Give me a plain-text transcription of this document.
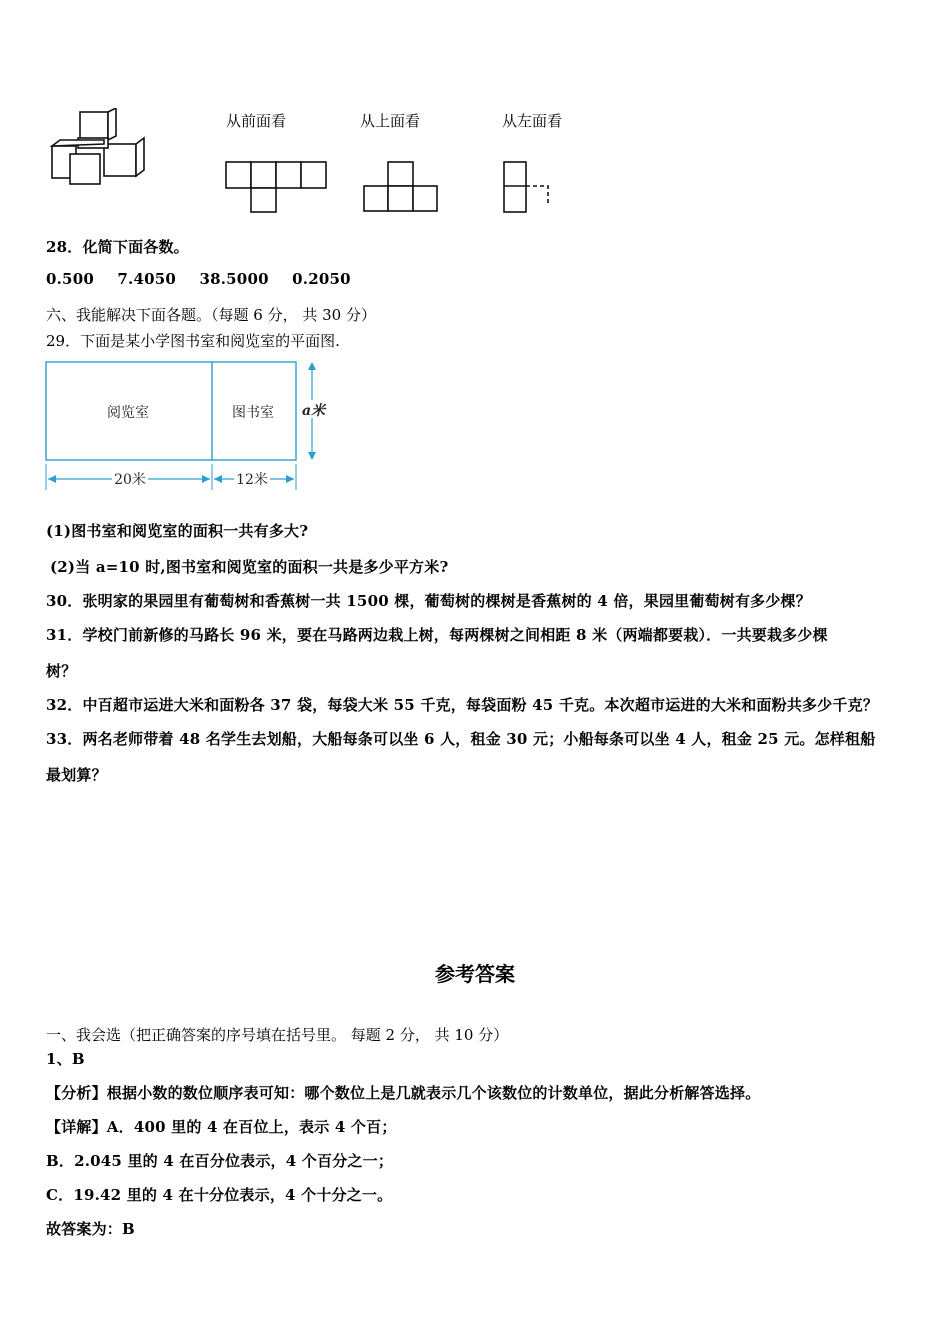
从前面看	从上面看	从左面看
28．化简下面各数。
0.500 7.4050 38.5000 0.2050
六、我能解决下面各题。（每题 6 分， 共 30 分）
29．下面是某小学图书室和阅览室的平面图.
阅览室	图书室 a米
20米	12米
(1)图书室和阅览室的面积一共有多大?
(2)当 a=10 时,图书室和阅览室的面积一共是多少平方米?
30．张明家的果园里有葡萄树和香蕉树一共 1500 棵，葡萄树的棵树是香蕉树的 4 倍，果园里葡萄树有多少棵？
31．学校门前新修的马路长 96 米，要在马路两边栽上树，每两棵树之间相距 8 米（两端都要栽）．一共要栽多少棵
树？
32．中百超市运进大米和面粉各 37 袋，每袋大米 55 千克，每袋面粉 45 千克。本次超市运进的大米和面粉共多少千克？
33．两名老师带着 48 名学生去划船，大船每条可以坐 6 人，租金 30 元；小船每条可以坐 4 人，租金 25 元。怎样租船
最划算？
参考答案
一、我会选（把正确答案的序号填在括号里。 每题 2 分， 共 10 分）
1、B
【分析】根据小数的数位顺序表可知：哪个数位上是几就表示几个该数位的计数单位，据此分析解答选择。
【详解】A．400 里的 4 在百位上，表示 4 个百；
B．2.045 里的 4 在百分位表示，4 个百分之一；
C．19.42 里的 4 在十分位表示，4 个十分之一。
故答案为：B
